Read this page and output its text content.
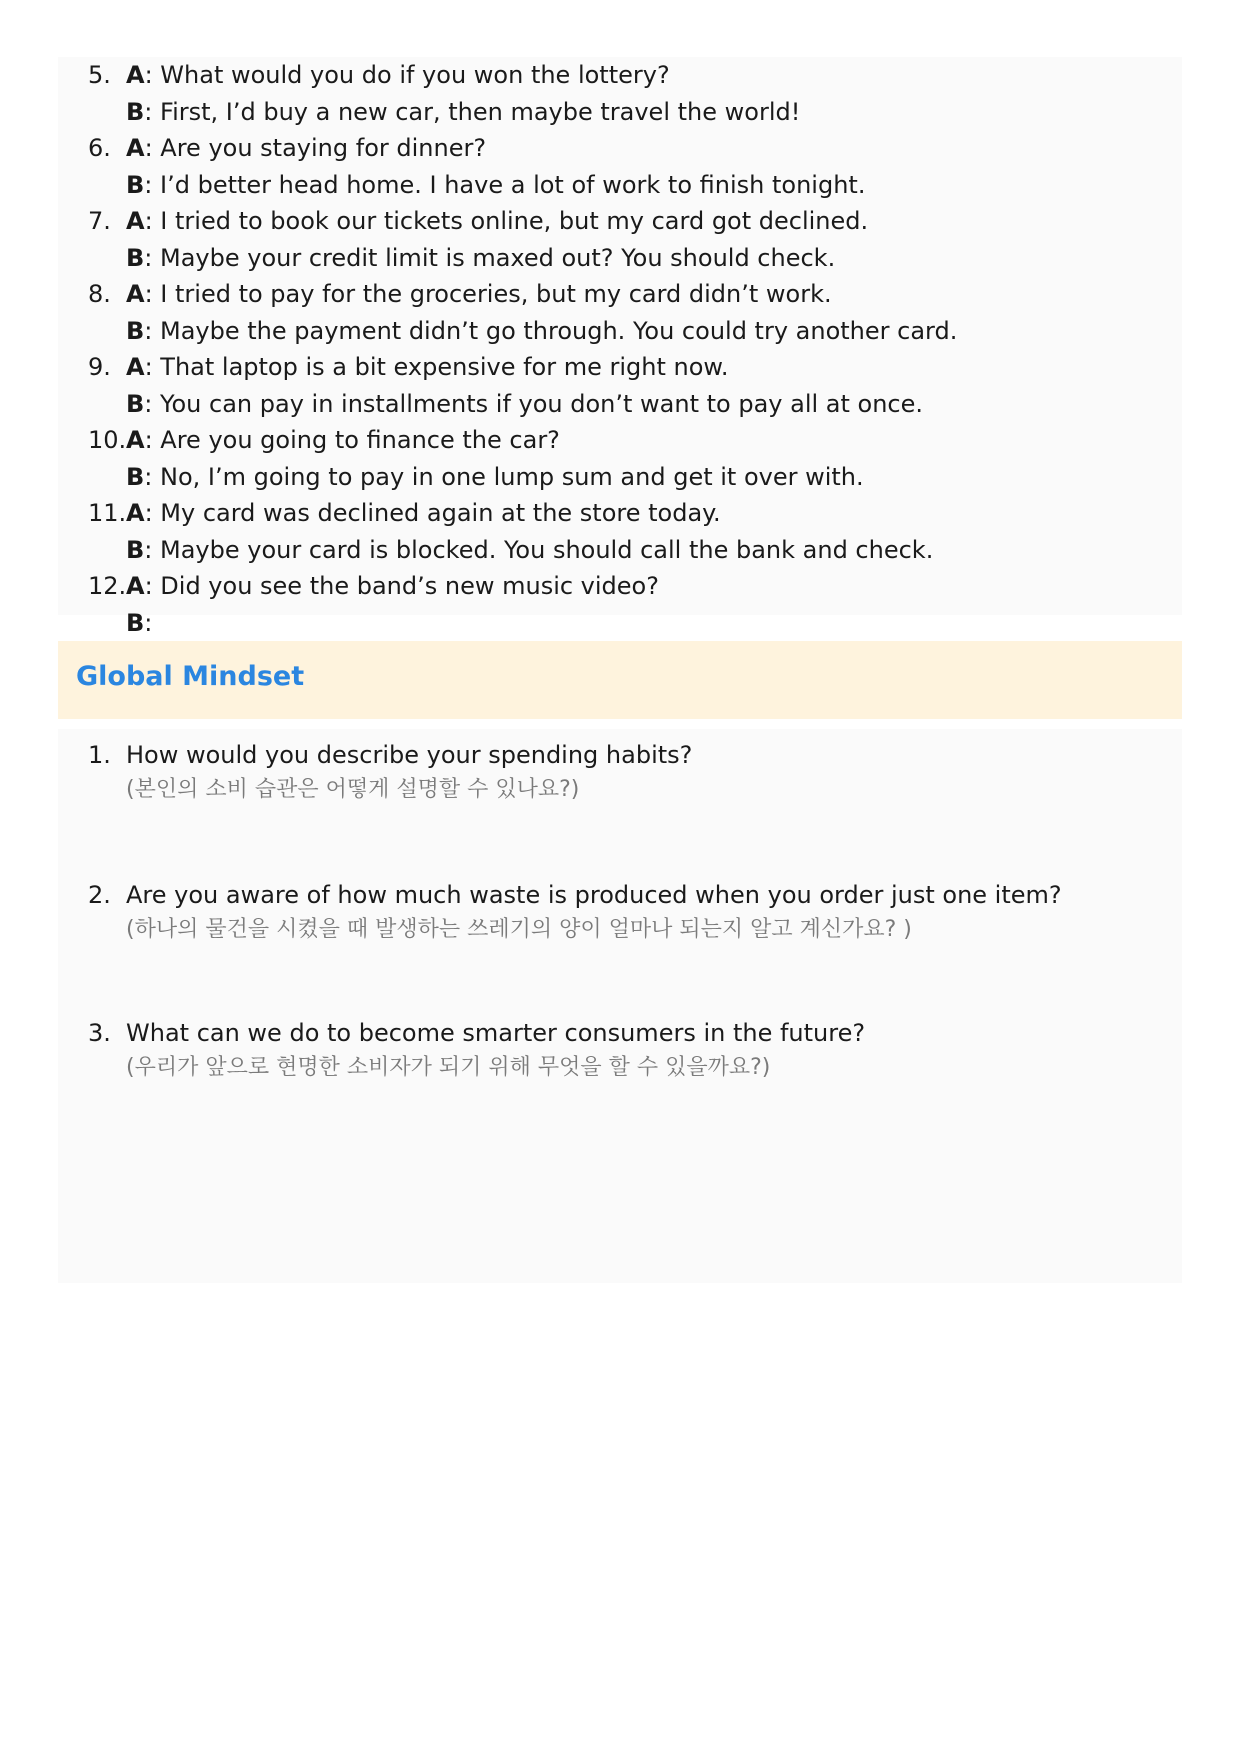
5. A: What would you do if you won the lottery?
B: First, I’d buy a new car, then maybe travel the world!
6. A: Are you staying for dinner?
B: I’d better head home. I have a lot of work to finish tonight.
7. A: I tried to book our tickets online, but my card got declined.
B: Maybe your credit limit is maxed out? You should check.
8. A: I tried to pay for the groceries, but my card didn’t work.
B: Maybe the payment didn’t go through. You could try another card.
9. A: That laptop is a bit expensive for me right now.
B: You can pay in installments if you don’t want to pay all at once.
10. A: Are you going to finance the car?
B: No, I’m going to pay in one lump sum and get it over with.
11. A: My card was declined again at the store today.
B: Maybe your card is blocked. You should call the bank and check.
12. A: Did you see the band’s new music video?
B:
Global Mindset
1. How would you describe your spending habits?
(본인의 소비 습관은 어떻게 설명할 수 있나요?)
2. Are you aware of how much waste is produced when you order just one item?
(하나의 물건을 시켰을 때 발생하는 쓰레기의 양이 얼마나 되는지 알고 계신가요? )
3. What can we do to become smarter consumers in the future?
(우리가 앞으로 현명한 소비자가 되기 위해 무엇을 할 수 있을까요?)
